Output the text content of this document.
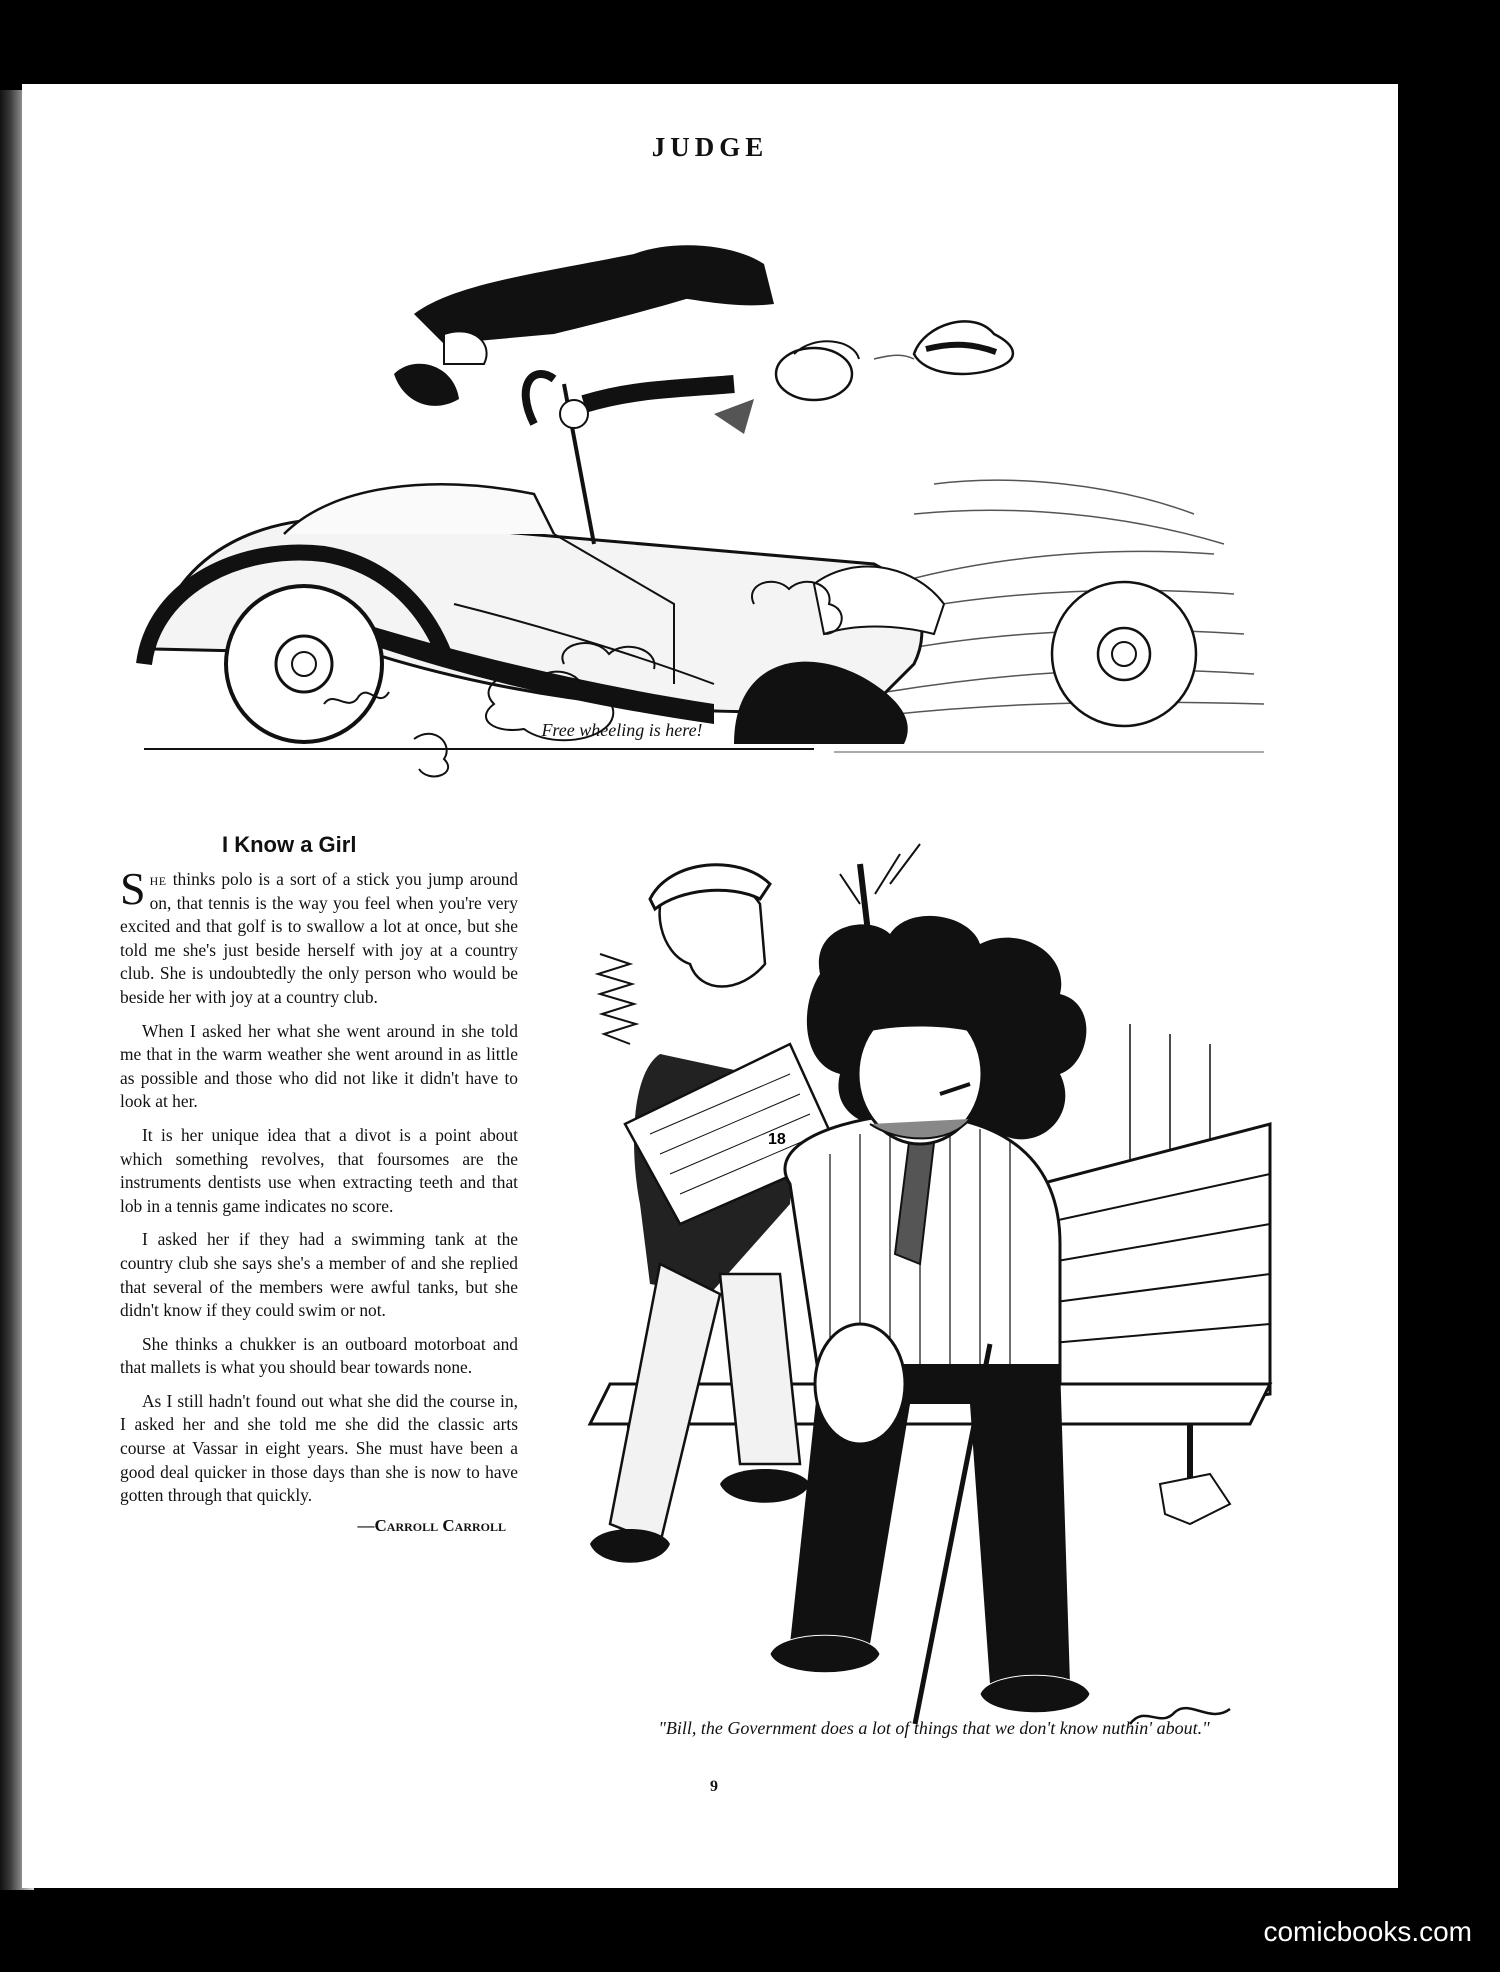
JUDGE
Free wheeling is here!
I Know a Girl

She thinks polo is a sort of a stick you jump around on, that tennis is the way you feel when you're very excited and that golf is to swallow a lot at once, but she told me she's just beside herself with joy at a country club. She is undoubtedly the only person who would be beside her with joy at a country club.

When I asked her what she went around in she told me that in the warm weather she went around in as little as possible and those who did not like it didn't have to look at her.

It is her unique idea that a divot is a point about which something revolves, that foursomes are the instruments dentists use when extracting teeth and that lob in a tennis game indicates no score.

I asked her if they had a swimming tank at the country club she says she's a member of and she replied that several of the members were awful tanks, but she didn't know if they could swim or not.

She thinks a chukker is an outboard motorboat and that mallets is what you should bear towards none.

As I still hadn't found out what she did the course in, I asked her and she told me she did the classic arts course at Vassar in eight years. She must have been a good deal quicker in those days than she is now to have gotten through that quickly.

—Carroll Carroll
18
"Bill, the Government does a lot of things that we don't know nuthin' about."
9
comicbooks.com
